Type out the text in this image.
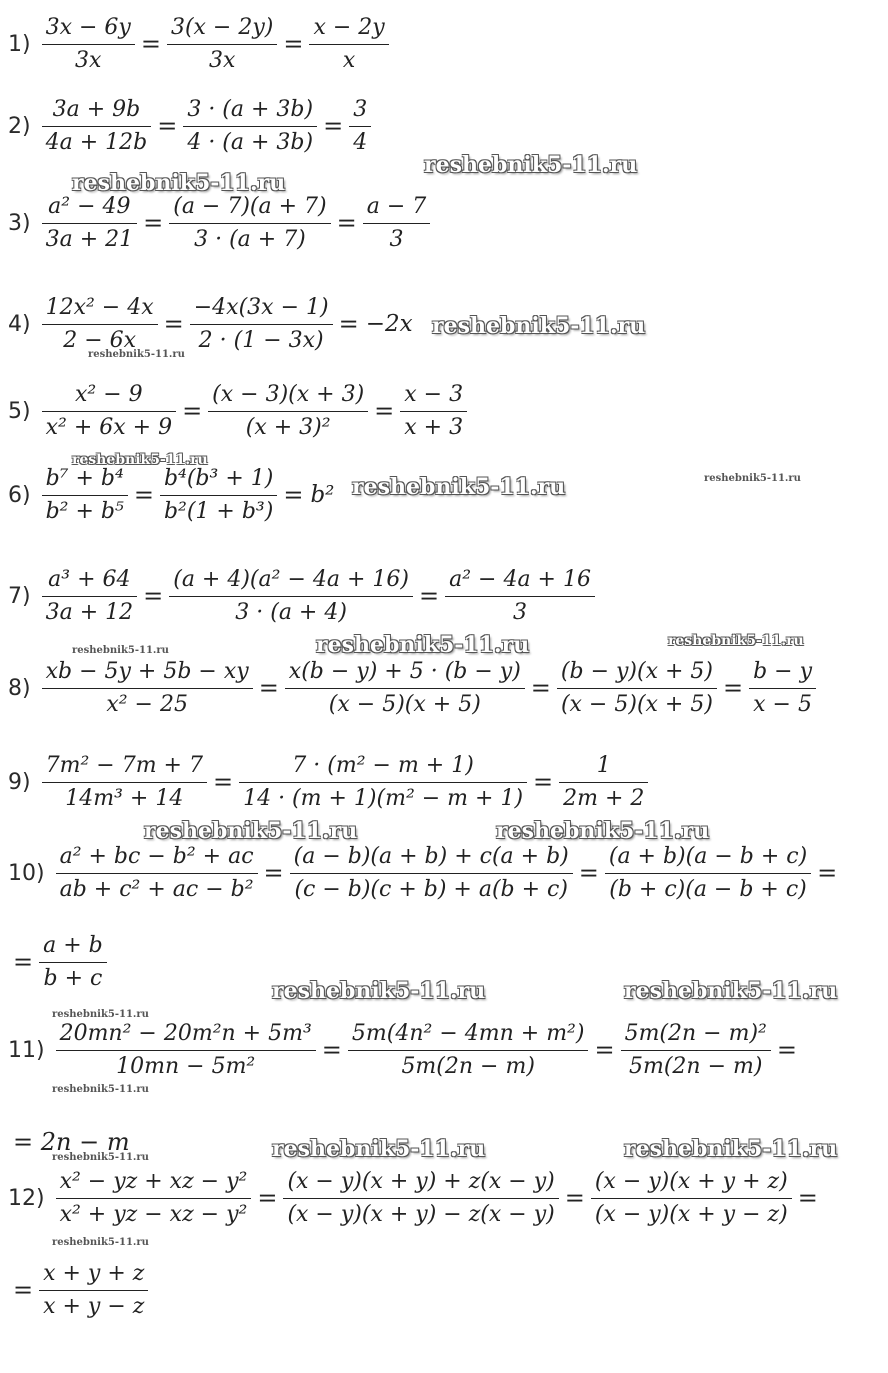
$1) \frac{3x - 6y}{3x} = \frac{3(x - 2y)}{3x} = \frac{x - 2y}{x}$
$2) \frac{3a + 9b}{4a + 12b} = \frac{3 \cdot (a + 3b)}{4 \cdot (a + 3b)} = \frac{3}{4}$
$3) \frac{\text{a² − 49}}{3a + 21} = \frac{(a - 7)(a + 7)}{3 \cdot (a + 7)} = \frac{a - 7}{3}$
$4) \frac{\text{12x² − 4x}}{2 - 6x} = \frac{-4x(3x - 1)}{2 \cdot (1 - 3x)} = -2x$
$5) \frac{\text{x² − 9}}{\text{x² + 6x + 9}} = \frac{(x - 3)(x + 3)}{\text{(x + 3)²}} = \frac{x - 3}{x + 3}$
$6) \frac{\text{b⁷ + b⁴}}{\text{b² + b⁵}} = \frac{\text{b⁴(b³ + 1)}}{\text{b²(1 + b³)}} = b^2$
$7) \frac{\text{a³ + 64}}{3a + 12} = \frac{\text{(a + 4)(a² − 4a + 16)}}{3 \cdot (a + 4)} = \frac{\text{a² − 4a + 16}}{3}$
$8) \frac{xb - 5y + 5b - xy}{\text{x² − 25}} = \frac{x(b - y) + 5 \cdot (b - y)}{(x - 5)(x + 5)} = \frac{(b - y)(x + 5)}{(x - 5)(x + 5)} = \frac{b - y}{x - 5}$
$9) \frac{\text{7m² − 7m + 7}}{\text{14m³ + 14}} = \frac{\text{7 · (m² − m + 1)}}{\text{14 · (m + 1)(m² − m + 1)}} = \frac{1}{2m + 2}$
$10) \frac{\text{a² + bc − b² + ac}}{\text{ab + c² + ac − b²}} = \frac{(a - b)(a + b) + c(a + b)}{(c - b)(c + b) + a(b + c)} = \frac{(a + b)(a - b + c)}{(b + c)(a - b + c)}$ =
= $\frac{a + b}{b + c}$
$11) \frac{\text{20mn² − 20m²n + 5m³}}{\text{10mn − 5m²}} = \frac{\text{5m(4n² − 4mn + m²)}}{5m(2n - m)} = \frac{\text{5m(2n − m)²}}{5m(2n - m)}$ =
= 2n − m
$12) \frac{\text{x² − yz + xz − y²}}{\text{x² + yz − xz − y²}} = \frac{(x - y)(x + y) + z(x - y)}{(x - y)(x + y) - z(x - y)} = \frac{(x - y)(x + y + z)}{(x - y)(x + y - z)}$ =
= $\frac{x + y + z}{x + y - z}$
reshebnik5-11.ru
reshebnik5-11.ru
reshebnik5-11.ru
reshebnik5-11.ru
reshebnik5-11.ru
reshebnik5-11.ru	reshebnik5-11.ru
reshebnik5-11.ru	reshebnik5-11.ru	reshebnik5-11.ru
reshebnik5-11.ru	reshebnik5-11.ru
reshebnik5-11.ru	reshebnik5-11.ru
reshebnik5-11.ru
reshebnik5-11.ru
reshebnik5-11.ru	reshebnik5-11.ru
reshebnik5-11.ru
reshebnik5-11.ru
